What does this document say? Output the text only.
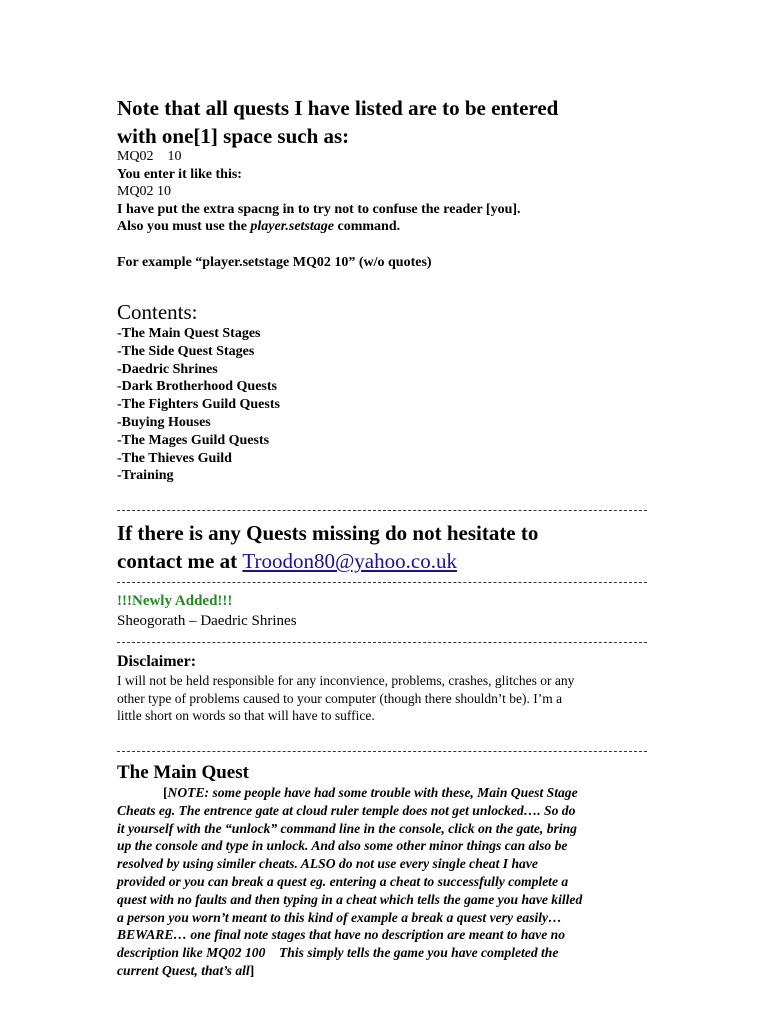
Note that all quests I have listed are to be entered
with one[1] space such as:
MQ02    10
You enter it like this:
MQ02 10
I have put the extra spacng in to try not to confuse the reader [you].
Also you must use the player.setstage command.
For example “player.setstage MQ02 10” (w/o quotes)
Contents:
-The Main Quest Stages
-The Side Quest Stages
-Daedric Shrines
-Dark Brotherhood Quests
-The Fighters Guild Quests
-Buying Houses
-The Mages Guild Quests
-The Thieves Guild
-Training
If there is any Quests missing do not hesitate to
contact me at Troodon80@yahoo.co.uk
!!!Newly Added!!!
Sheogorath – Daedric Shrines
Disclaimer:
I will not be held responsible for any inconvience, problems, crashes, glitches or any
other type of problems caused to your computer (though there shouldn’t be). I’m a
little short on words so that will have to suffice.
The Main Quest
[NOTE: some people have had some trouble with these, Main Quest Stage
Cheats eg. The entrence gate at cloud ruler temple does not get unlocked…. So do
it yourself with the “unlock” command line in the console, click on the gate, bring
up the console and type in unlock. And also some other minor things can also be
resolved by using similer cheats. ALSO do not use every single cheat I have
provided or you can break a quest eg. entering a cheat to successfully complete a
quest with no faults and then typing in a cheat which tells the game you have killed
a person you worn’t meant to this kind of example a break a quest very easily…
BEWARE… one final note stages that have no description are meant to have no
description like MQ02 100    This simply tells the game you have completed the
current Quest, that’s all]
